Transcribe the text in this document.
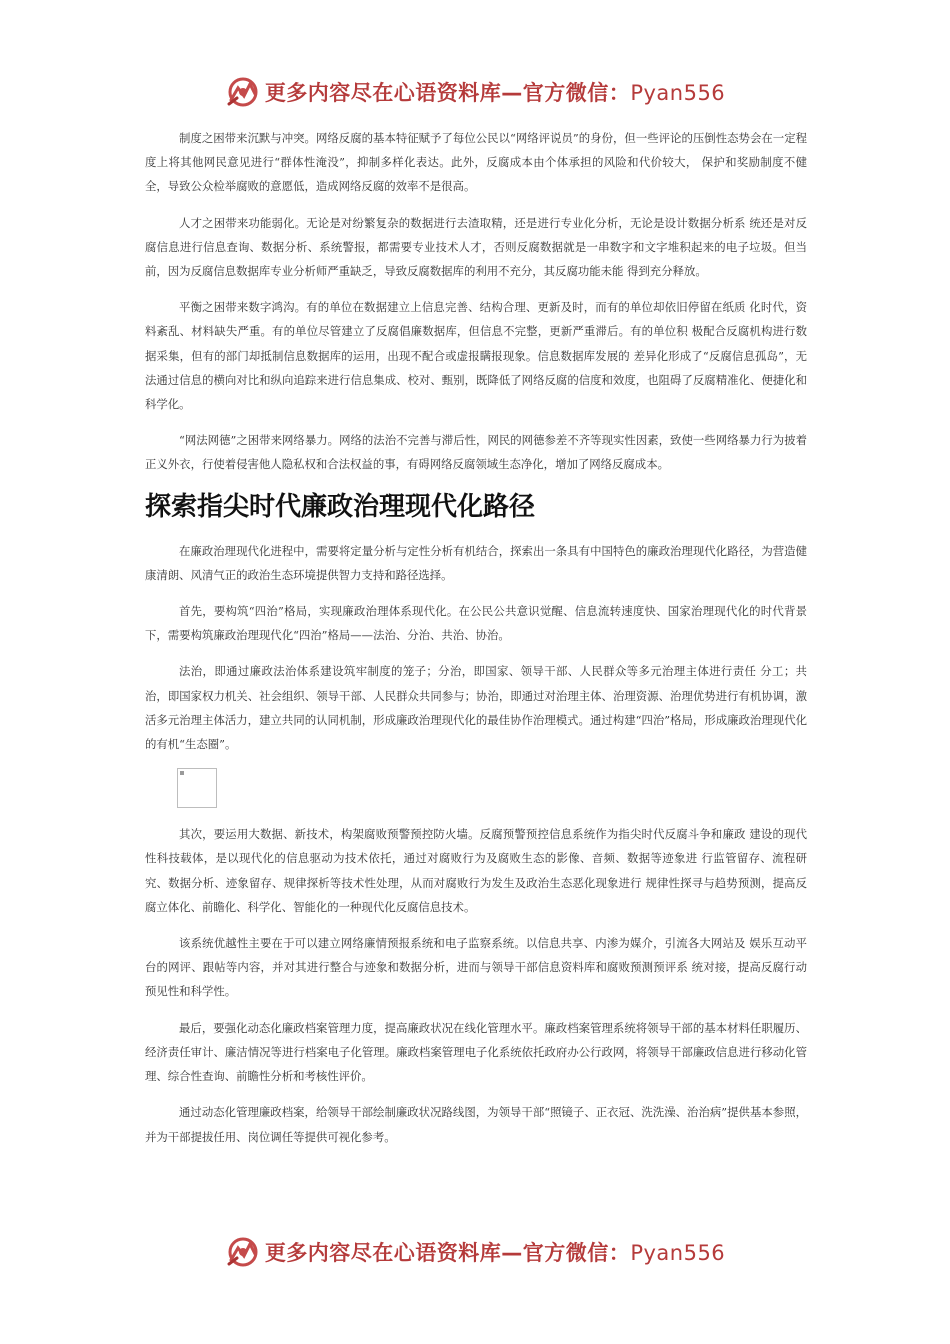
更多内容尽在心语资料库—官方微信：Pyan556

制度之困带来沉默与冲突。网络反腐的基本特征赋予了每位公民以“网络评说员”的身份，但一些评论的压倒性态势会在一定程度上将其他网民意见进行“群体性淹没”，抑制多样化表达。此外，反腐成本由个体承担的风险和代价较大， 保护和奖励制度不健全，导致公众检举腐败的意愿低，造成网络反腐的效率不是很高。

人才之困带来功能弱化。无论是对纷繁复杂的数据进行去渣取精，还是进行专业化分析，无论是设计数据分析系 统还是对反腐信息进行信息查询、数据分析、系统警报，都需要专业技术人才，否则反腐数据就是一串数字和文字堆积起来的电子垃圾。但当前，因为反腐信息数据库专业分析师严重缺乏，导致反腐数据库的利用不充分，其反腐功能未能 得到充分释放。

平衡之困带来数字鸿沟。有的单位在数据建立上信息完善、结构合理、更新及时，而有的单位却依旧停留在纸质 化时代，资料紊乱、材料缺失严重。有的单位尽管建立了反腐倡廉数据库，但信息不完整，更新严重滞后。有的单位积 极配合反腐机构进行数据采集，但有的部门却抵制信息数据库的运用，出现不配合或虚报瞒报现象。信息数据库发展的 差异化形成了“反腐信息孤岛”，无法通过信息的横向对比和纵向追踪来进行信息集成、校对、甄别，既降低了网络反腐的信度和效度，也阻碍了反腐精准化、便捷化和科学化。

“网法网德”之困带来网络暴力。网络的法治不完善与滞后性，网民的网德参差不齐等现实性因素，致使一些网络暴力行为披着正义外衣，行使着侵害他人隐私权和合法权益的事，有碍网络反腐领域生态净化，增加了网络反腐成本。

探索指尖时代廉政治理现代化路径

在廉政治理现代化进程中，需要将定量分析与定性分析有机结合，探索出一条具有中国特色的廉政治理现代化路径，为营造健康清朗、风清气正的政治生态环境提供智力支持和路径选择。

首先，要构筑“四治”格局，实现廉政治理体系现代化。在公民公共意识觉醒、信息流转速度快、国家治理现代化的时代背景下，需要构筑廉政治理现代化“四治”格局——法治、分治、共治、协治。

法治，即通过廉政法治体系建设筑牢制度的笼子；分治，即国家、领导干部、人民群众等多元治理主体进行责任 分工；共治，即国家权力机关、社会组织、领导干部、人民群众共同参与；协治，即通过对治理主体、治理资源、治理优势进行有机协调，激活多元治理主体活力，建立共同的认同机制，形成廉政治理现代化的最佳协作治理模式。通过构建“四治”格局，形成廉政治理现代化的有机“生态圈”。

其次，要运用大数据、新技术，构架腐败预警预控防火墙。反腐预警预控信息系统作为指尖时代反腐斗争和廉政 建设的现代性科技载体，是以现代化的信息驱动为技术依托，通过对腐败行为及腐败生态的影像、音频、数据等迹象进 行监管留存、流程研究、数据分析、迹象留存、规律探析等技术性处理，从而对腐败行为发生及政治生态恶化现象进行 规律性探寻与趋势预测，提高反腐立体化、前瞻化、科学化、智能化的一种现代化反腐信息技术。

该系统优越性主要在于可以建立网络廉情预报系统和电子监察系统。以信息共享、内渗为媒介，引流各大网站及 娱乐互动平台的网评、跟帖等内容，并对其进行整合与迹象和数据分析，进而与领导干部信息资料库和腐败预测预评系 统对接，提高反腐行动预见性和科学性。

最后，要强化动态化廉政档案管理力度，提高廉政状况在线化管理水平。廉政档案管理系统将领导干部的基本材料任职履历、经济责任审计、廉洁情况等进行档案电子化管理。廉政档案管理电子化系统依托政府办公行政网，将领导干部廉政信息进行移动化管理、综合性查询、前瞻性分析和考核性评价。

通过动态化管理廉政档案，给领导干部绘制廉政状况路线图，为领导干部“照镜子、正衣冠、洗洗澡、治治病”提供基本参照，并为干部提拔任用、岗位调任等提供可视化参考。

更多内容尽在心语资料库—官方微信：Pyan556
